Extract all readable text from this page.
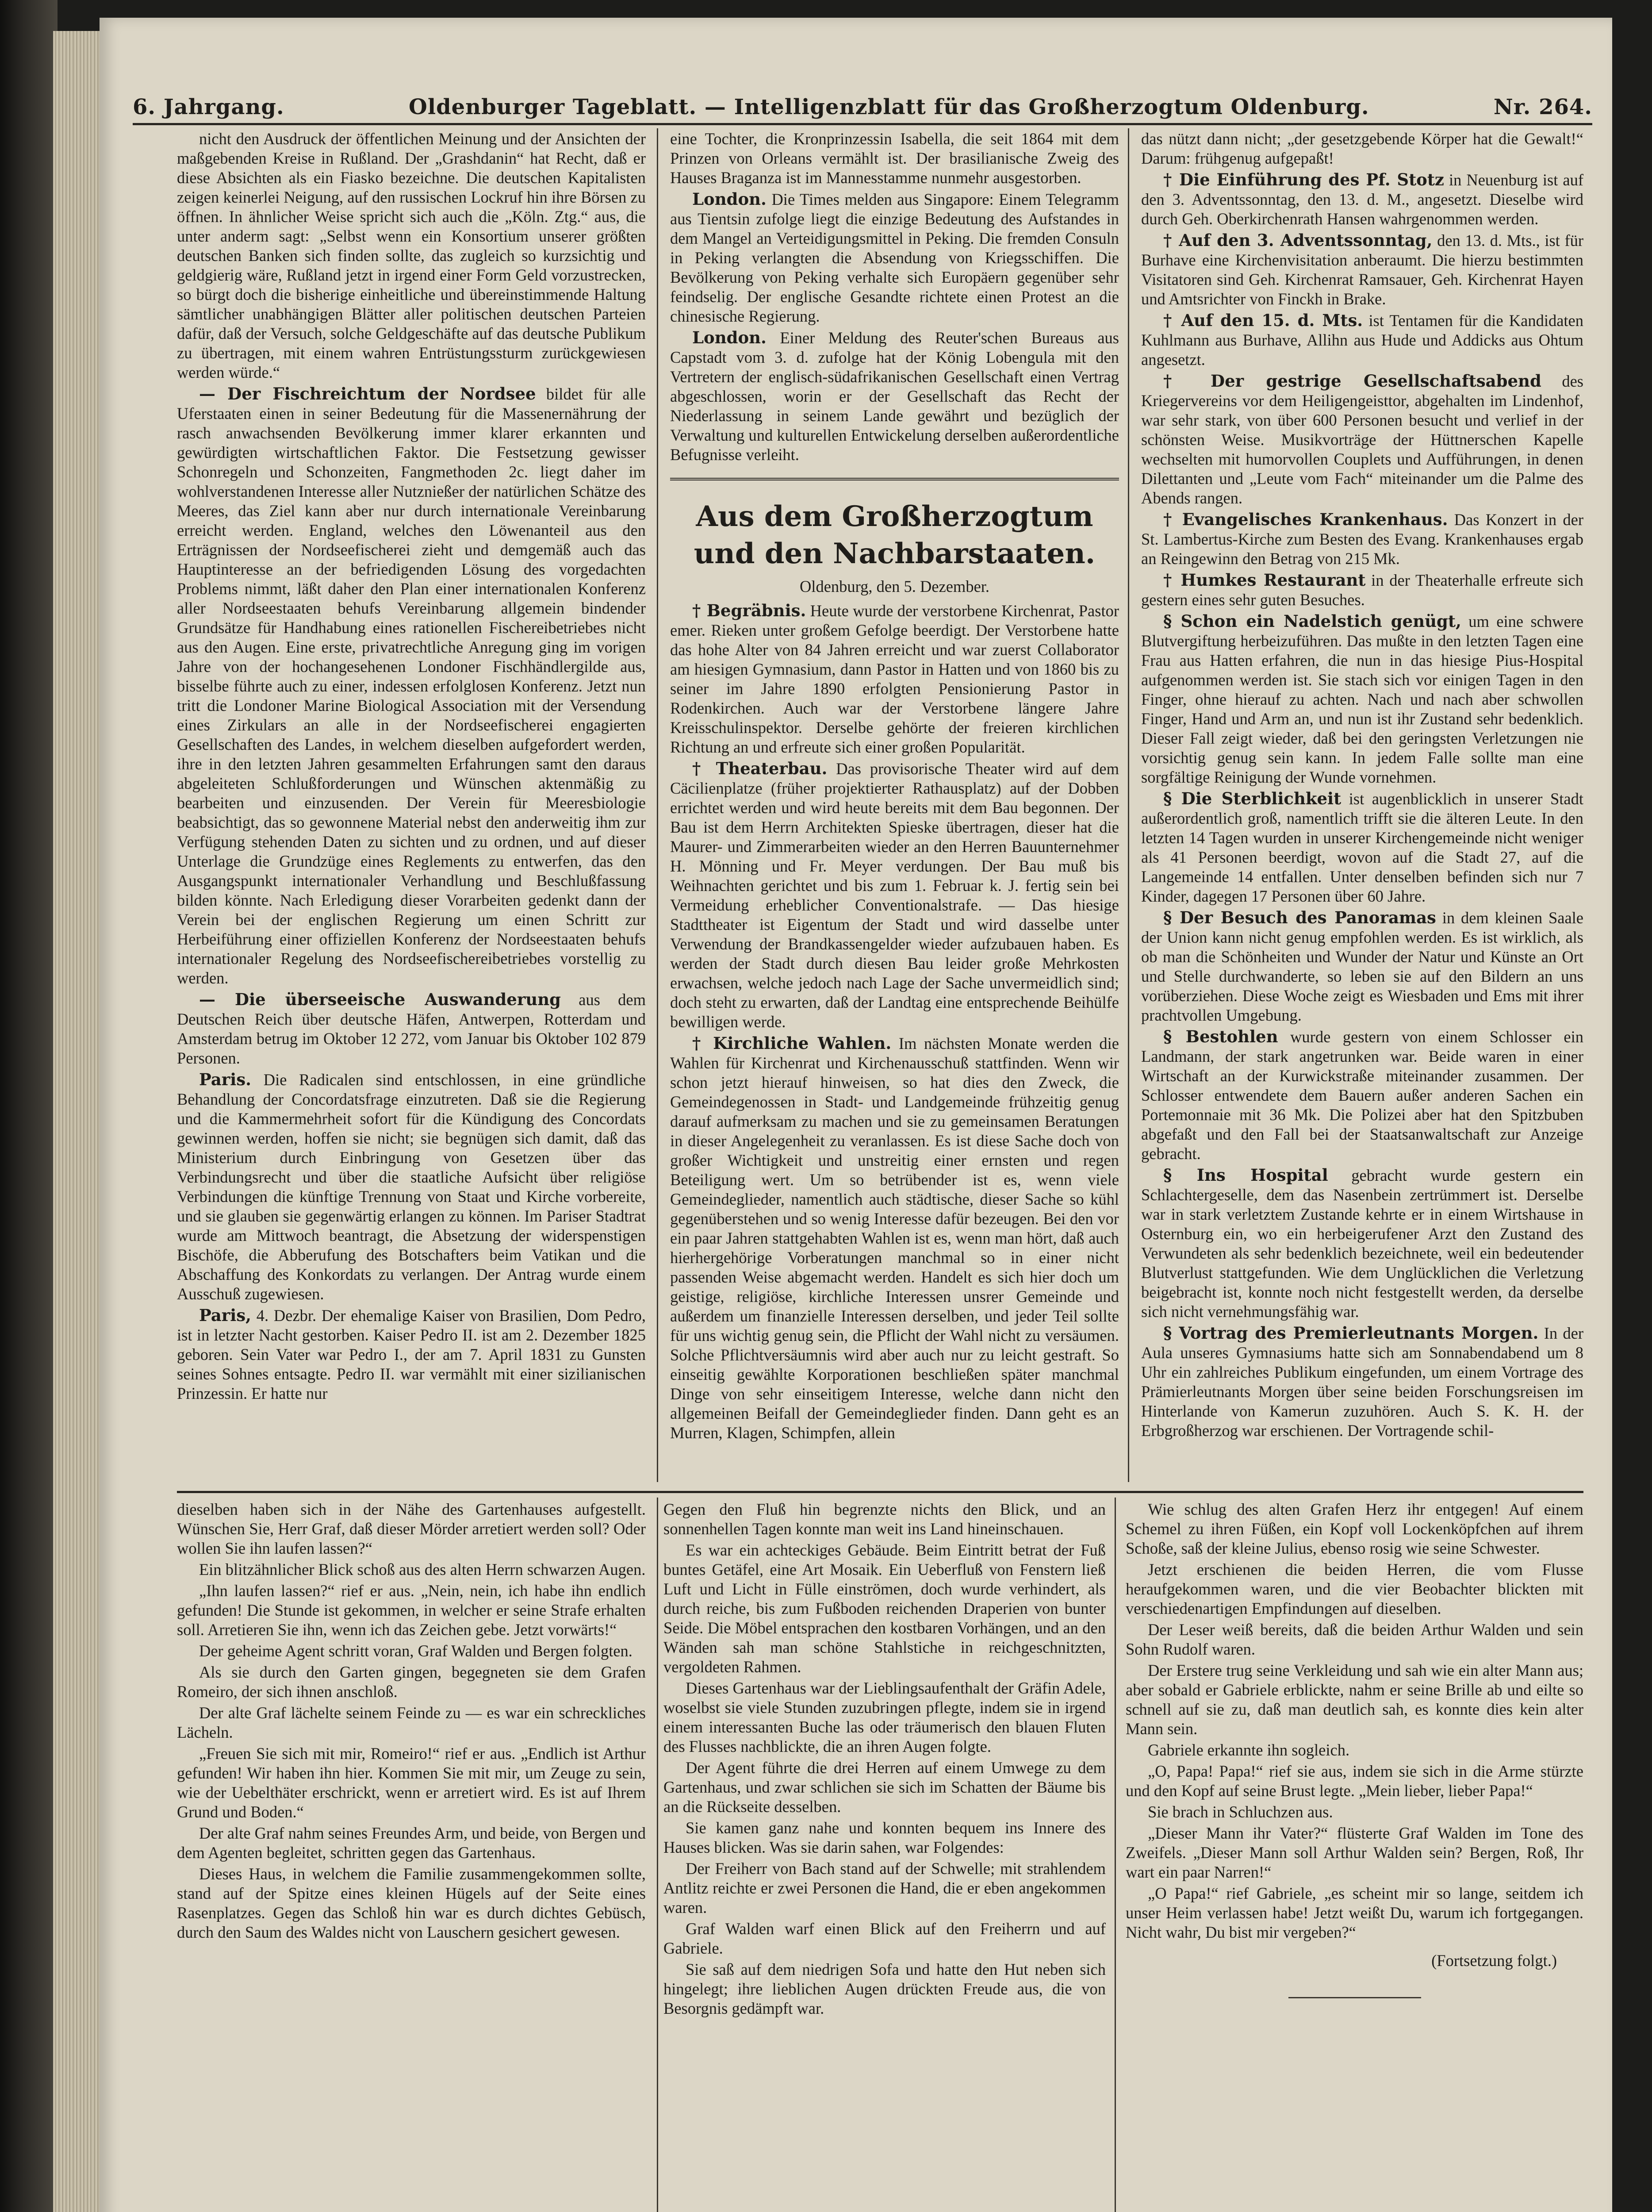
6. Jahrgang.	Oldenburger Tageblatt. — Intelligenzblatt für das Großherzogtum Oldenburg.	Nr. 264.

nicht den Ausdruck der öffentlichen Meinung und der Ansichten der maßgebenden Kreise in Rußland. Der „Grashdanin“ hat Recht, daß er diese Absichten als ein Fiasko bezeichne. Die deutschen Kapitalisten zeigen keinerlei Neigung, auf den russischen Lockruf hin ihre Börsen zu öffnen. In ähnlicher Weise spricht sich auch die „Köln. Ztg.“ aus, die unter anderm sagt: „Selbst wenn ein Konsortium unserer größten deutschen Banken sich finden sollte, das zugleich so kurzsichtig und geldgierig wäre, Rußland jetzt in irgend einer Form Geld vorzustrecken, so bürgt doch die bisherige einheitliche und übereinstimmende Haltung sämtlicher unabhängigen Blätter aller politischen deutschen Parteien dafür, daß der Versuch, solche Geldgeschäfte auf das deutsche Publikum zu übertragen, mit einem wahren Entrüstungssturm zurückgewiesen werden würde.“

— Der Fischreichtum der Nordsee bildet für alle Uferstaaten einen in seiner Bedeutung für die Massenernährung der rasch anwachsenden Bevölkerung immer klarer erkannten und gewürdigten wirtschaftlichen Faktor. Die Festsetzung gewisser Schonregeln und Schonzeiten, Fangmethoden 2c. liegt daher im wohlverstandenen Interesse aller Nutznießer der natürlichen Schätze des Meeres, das Ziel kann aber nur durch internationale Vereinbarung erreicht werden. England, welches den Löwenanteil aus den Erträgnissen der Nordseefischerei zieht und demgemäß auch das Hauptinteresse an der befriedigenden Lösung des vorgedachten Problems nimmt, läßt daher den Plan einer internationalen Konferenz aller Nordseestaaten behufs Vereinbarung allgemein bindender Grundsätze für Handhabung eines rationellen Fischereibetriebes nicht aus den Augen. Eine erste, privatrechtliche Anregung ging im vorigen Jahre von der hochangesehenen Londoner Fischhändlergilde aus, bisselbe führte auch zu einer, indessen erfolglosen Konferenz. Jetzt nun tritt die Londoner Marine Biological Association mit der Versendung eines Zirkulars an alle in der Nordseefischerei engagierten Gesellschaften des Landes, in welchem dieselben aufgefordert werden, ihre in den letzten Jahren gesammelten Erfahrungen samt den daraus abgeleiteten Schlußforderungen und Wünschen aktenmäßig zu bearbeiten und einzusenden. Der Verein für Meeresbiologie beabsichtigt, das so gewonnene Material nebst den anderweitig ihm zur Verfügung stehenden Daten zu sichten und zu ordnen, und auf dieser Unterlage die Grundzüge eines Reglements zu entwerfen, das den Ausgangspunkt internationaler Verhandlung und Beschlußfassung bilden könnte. Nach Erledigung dieser Vorarbeiten gedenkt dann der Verein bei der englischen Regierung um einen Schritt zur Herbeiführung einer offiziellen Konferenz der Nordseestaaten behufs internationaler Regelung des Nordseefischereibetriebes vorstellig zu werden.

— Die überseeische Auswanderung aus dem Deutschen Reich über deutsche Häfen, Antwerpen, Rotterdam und Amsterdam betrug im Oktober 12 272, vom Januar bis Oktober 102 879 Personen.

Paris. Die Radicalen sind entschlossen, in eine gründliche Behandlung der Concordatsfrage einzutreten. Daß sie die Regierung und die Kammermehrheit sofort für die Kündigung des Concordats gewinnen werden, hoffen sie nicht; sie begnügen sich damit, daß das Ministerium durch Einbringung von Gesetzen über das Verbindungsrecht und über die staatliche Aufsicht über religiöse Verbindungen die künftige Trennung von Staat und Kirche vorbereite, und sie glauben sie gegenwärtig erlangen zu können. Im Pariser Stadtrat wurde am Mittwoch beantragt, die Absetzung der widerspenstigen Bischöfe, die Abberufung des Botschafters beim Vatikan und die Abschaffung des Konkordats zu verlangen. Der Antrag wurde einem Ausschuß zugewiesen.

Paris, 4. Dezbr. Der ehemalige Kaiser von Brasilien, Dom Pedro, ist in letzter Nacht gestorben. Kaiser Pedro II. ist am 2. Dezember 1825 geboren. Sein Vater war Pedro I., der am 7. April 1831 zu Gunsten seines Sohnes entsagte. Pedro II. war vermählt mit einer sizilianischen Prinzessin. Er hatte nur

eine Tochter, die Kronprinzessin Isabella, die seit 1864 mit dem Prinzen von Orleans vermählt ist. Der brasilianische Zweig des Hauses Braganza ist im Mannesstamme nunmehr ausgestorben.

London. Die Times melden aus Singapore: Einem Telegramm aus Tientsin zufolge liegt die einzige Bedeutung des Aufstandes in dem Mangel an Verteidigungsmittel in Peking. Die fremden Consuln in Peking verlangten die Absendung von Kriegsschiffen. Die Bevölkerung von Peking verhalte sich Europäern gegenüber sehr feindselig. Der englische Gesandte richtete einen Protest an die chinesische Regierung.

London. Einer Meldung des Reuter'schen Bureaus aus Capstadt vom 3. d. zufolge hat der König Lobengula mit den Vertretern der englisch-südafrikanischen Gesellschaft einen Vertrag abgeschlossen, worin er der Gesellschaft das Recht der Niederlassung in seinem Lande gewährt und bezüglich der Verwaltung und kulturellen Entwickelung derselben außerordentliche Befugnisse verleiht.

Aus dem Großherzogtum und den Nachbarstaaten.
Oldenburg, den 5. Dezember.

† Begräbnis. Heute wurde der verstorbene Kirchenrat, Pastor emer. Rieken unter großem Gefolge beerdigt. Der Verstorbene hatte das hohe Alter von 84 Jahren erreicht und war zuerst Collaborator am hiesigen Gymnasium, dann Pastor in Hatten und von 1860 bis zu seiner im Jahre 1890 erfolgten Pensionierung Pastor in Rodenkirchen. Auch war der Verstorbene längere Jahre Kreisschulinspektor. Derselbe gehörte der freieren kirchlichen Richtung an und erfreute sich einer großen Popularität.

† Theaterbau. Das provisorische Theater wird auf dem Cäcilienplatze (früher projektierter Rathausplatz) auf der Dobben errichtet werden und wird heute bereits mit dem Bau begonnen. Der Bau ist dem Herrn Architekten Spieske übertragen, dieser hat die Maurer- und Zimmerarbeiten wieder an den Herren Bauunternehmer H. Mönning und Fr. Meyer verdungen. Der Bau muß bis Weihnachten gerichtet und bis zum 1. Februar k. J. fertig sein bei Vermeidung erheblicher Conventionalstrafe. — Das hiesige Stadttheater ist Eigentum der Stadt und wird dasselbe unter Verwendung der Brandkassengelder wieder aufzubauen haben. Es werden der Stadt durch diesen Bau leider große Mehrkosten erwachsen, welche jedoch nach Lage der Sache unvermeidlich sind; doch steht zu erwarten, daß der Landtag eine entsprechende Beihülfe bewilligen werde.

† Kirchliche Wahlen. Im nächsten Monate werden die Wahlen für Kirchenrat und Kirchenausschuß stattfinden. Wenn wir schon jetzt hierauf hinweisen, so hat dies den Zweck, die Gemeindegenossen in Stadt- und Landgemeinde frühzeitig genug darauf aufmerksam zu machen und sie zu gemeinsamen Beratungen in dieser Angelegenheit zu veranlassen. Es ist diese Sache doch von großer Wichtigkeit und unstreitig einer ernsten und regen Beteiligung wert. Um so betrübender ist es, wenn viele Gemeindeglieder, namentlich auch städtische, dieser Sache so kühl gegenüberstehen und so wenig Interesse dafür bezeugen. Bei den vor ein paar Jahren stattgehabten Wahlen ist es, wenn man hört, daß auch hierhergehörige Vorberatungen manchmal so in einer nicht passenden Weise abgemacht werden. Handelt es sich hier doch um geistige, religiöse, kirchliche Interessen unsrer Gemeinde und außerdem um finanzielle Interessen derselben, und jeder Teil sollte für uns wichtig genug sein, die Pflicht der Wahl nicht zu versäumen. Solche Pflichtversäumnis wird aber auch nur zu leicht gestraft. So einseitig gewählte Korporationen beschließen später manchmal Dinge von sehr einseitigem Interesse, welche dann nicht den allgemeinen Beifall der Gemeindeglieder finden. Dann geht es an Murren, Klagen, Schimpfen, allein

das nützt dann nicht; „der gesetzgebende Körper hat die Gewalt!“ Darum: frühgenug aufgepaßt!

† Die Einführung des Pf. Stotz in Neuenburg ist auf den 3. Adventssonntag, den 13. d. M., angesetzt. Dieselbe wird durch Geh. Oberkirchenrath Hansen wahrgenommen werden.

† Auf den 3. Adventssonntag, den 13. d. Mts., ist für Burhave eine Kirchenvisitation anberaumt. Die hierzu bestimmten Visitatoren sind Geh. Kirchenrat Ramsauer, Geh. Kirchenrat Hayen und Amtsrichter von Finckh in Brake.

† Auf den 15. d. Mts. ist Tentamen für die Kandidaten Kuhlmann aus Burhave, Allihn aus Hude und Addicks aus Ohtum angesetzt.

† Der gestrige Gesellschaftsabend des Kriegervereins vor dem Heiligengeisttor, abgehalten im Lindenhof, war sehr stark, von über 600 Personen besucht und verlief in der schönsten Weise. Musikvorträge der Hüttnerschen Kapelle wechselten mit humorvollen Couplets und Aufführungen, in denen Dilettanten und „Leute vom Fach“ miteinander um die Palme des Abends rangen.

† Evangelisches Krankenhaus. Das Konzert in der St. Lambertus-Kirche zum Besten des Evang. Krankenhauses ergab an Reingewinn den Betrag von 215 Mk.

† Humkes Restaurant in der Theaterhalle erfreute sich gestern eines sehr guten Besuches.

§ Schon ein Nadelstich genügt, um eine schwere Blutvergiftung herbeizuführen. Das mußte in den letzten Tagen eine Frau aus Hatten erfahren, die nun in das hiesige Pius-Hospital aufgenommen werden ist. Sie stach sich vor einigen Tagen in den Finger, ohne hierauf zu achten. Nach und nach aber schwollen Finger, Hand und Arm an, und nun ist ihr Zustand sehr bedenklich. Dieser Fall zeigt wieder, daß bei den geringsten Verletzungen nie vorsichtig genug sein kann. In jedem Falle sollte man eine sorgfältige Reinigung der Wunde vornehmen.

§ Die Sterblichkeit ist augenblicklich in unserer Stadt außerordentlich groß, namentlich trifft sie die älteren Leute. In den letzten 14 Tagen wurden in unserer Kirchengemeinde nicht weniger als 41 Personen beerdigt, wovon auf die Stadt 27, auf die Langemeinde 14 entfallen. Unter denselben befinden sich nur 7 Kinder, dagegen 17 Personen über 60 Jahre.

§ Der Besuch des Panoramas in dem kleinen Saale der Union kann nicht genug empfohlen werden. Es ist wirklich, als ob man die Schönheiten und Wunder der Natur und Künste an Ort und Stelle durchwanderte, so leben sie auf den Bildern an uns vorüberziehen. Diese Woche zeigt es Wiesbaden und Ems mit ihrer prachtvollen Umgebung.

§ Bestohlen wurde gestern von einem Schlosser ein Landmann, der stark angetrunken war. Beide waren in einer Wirtschaft an der Kurwickstraße miteinander zusammen. Der Schlosser entwendete dem Bauern außer anderen Sachen ein Portemonnaie mit 36 Mk. Die Polizei aber hat den Spitzbuben abgefaßt und den Fall bei der Staatsanwaltschaft zur Anzeige gebracht.

§ Ins Hospital gebracht wurde gestern ein Schlachtergeselle, dem das Nasenbein zertrümmert ist. Derselbe war in stark verletztem Zustande kehrte er in einem Wirtshause in Osternburg ein, wo ein herbeigerufener Arzt den Zustand des Verwundeten als sehr bedenklich bezeichnete, weil ein bedeutender Blutverlust stattgefunden. Wie dem Unglücklichen die Verletzung beigebracht ist, konnte noch nicht festgestellt werden, da derselbe sich nicht vernehmungsfähig war.

§ Vortrag des Premierleutnants Morgen. In der Aula unseres Gymnasiums hatte sich am Sonnabendabend um 8 Uhr ein zahlreiches Publikum eingefunden, um einem Vortrage des Prämierleutnants Morgen über seine beiden Forschungsreisen im Hinterlande von Kamerun zuzuhören. Auch S. K. H. der Erbgroßherzog war erschienen. Der Vortragende schil-

dieselben haben sich in der Nähe des Gartenhauses aufgestellt. Wünschen Sie, Herr Graf, daß dieser Mörder arretiert werden soll? Oder wollen Sie ihn laufen lassen?“

Ein blitzähnlicher Blick schoß aus des alten Herrn schwarzen Augen.

„Ihn laufen lassen?“ rief er aus. „Nein, nein, ich habe ihn endlich gefunden! Die Stunde ist gekommen, in welcher er seine Strafe erhalten soll. Arretieren Sie ihn, wenn ich das Zeichen gebe. Jetzt vorwärts!“

Der geheime Agent schritt voran, Graf Walden und Bergen folgten.

Als sie durch den Garten gingen, begegneten sie dem Grafen Romeiro, der sich ihnen anschloß.

Der alte Graf lächelte seinem Feinde zu — es war ein schreckliches Lächeln.

„Freuen Sie sich mit mir, Romeiro!“ rief er aus. „Endlich ist Arthur gefunden! Wir haben ihn hier. Kommen Sie mit mir, um Zeuge zu sein, wie der Uebelthäter erschrickt, wenn er arretiert wird. Es ist auf Ihrem Grund und Boden.“

Der alte Graf nahm seines Freundes Arm, und beide, von Bergen und dem Agenten begleitet, schritten gegen das Gartenhaus.

Dieses Haus, in welchem die Familie zusammengekommen sollte, stand auf der Spitze eines kleinen Hügels auf der Seite eines Rasenplatzes. Gegen das Schloß hin war es durch dichtes Gebüsch, durch den Saum des Waldes nicht von Lauschern gesichert gewesen.

Gegen den Fluß hin begrenzte nichts den Blick, und an sonnenhellen Tagen konnte man weit ins Land hineinschauen.

Es war ein achteckiges Gebäude. Beim Eintritt betrat der Fuß buntes Getäfel, eine Art Mosaik. Ein Ueberfluß von Fenstern ließ Luft und Licht in Fülle einströmen, doch wurde verhindert, als durch reiche, bis zum Fußboden reichenden Draperien von bunter Seide. Die Möbel entsprachen den kostbaren Vorhängen, und an den Wänden sah man schöne Stahlstiche in reichgeschnitzten, vergoldeten Rahmen.

Dieses Gartenhaus war der Lieblingsaufenthalt der Gräfin Adele, woselbst sie viele Stunden zuzubringen pflegte, indem sie in irgend einem interessanten Buche las oder träumerisch den blauen Fluten des Flusses nachblickte, die an ihren Augen folgte.

Der Agent führte die drei Herren auf einem Umwege zu dem Gartenhaus, und zwar schlichen sie sich im Schatten der Bäume bis an die Rückseite desselben.

Sie kamen ganz nahe und konnten bequem ins Innere des Hauses blicken. Was sie darin sahen, war Folgendes:

Der Freiherr von Bach stand auf der Schwelle; mit strahlendem Antlitz reichte er zwei Personen die Hand, die er eben angekommen waren.

Graf Walden warf einen Blick auf den Freiherrn und auf Gabriele.

Sie saß auf dem niedrigen Sofa und hatte den Hut neben sich hingelegt; ihre lieblichen Augen drückten Freude aus, die von Besorgnis gedämpft war.

Wie schlug des alten Grafen Herz ihr entgegen! Auf einem Schemel zu ihren Füßen, ein Kopf voll Lockenköpfchen auf ihrem Schoße, saß der kleine Julius, ebenso rosig wie seine Schwester.

Jetzt erschienen die beiden Herren, die vom Flusse heraufgekommen waren, und die vier Beobachter blickten mit verschiedenartigen Empfindungen auf dieselben.

Der Leser weiß bereits, daß die beiden Arthur Walden und sein Sohn Rudolf waren.

Der Erstere trug seine Verkleidung und sah wie ein alter Mann aus; aber sobald er Gabriele erblickte, nahm er seine Brille ab und eilte so schnell auf sie zu, daß man deutlich sah, es konnte dies kein alter Mann sein.

Gabriele erkannte ihn sogleich.

„O, Papa! Papa!“ rief sie aus, indem sie sich in die Arme stürzte und den Kopf auf seine Brust legte. „Mein lieber, lieber Papa!“

Sie brach in Schluchzen aus.

„Dieser Mann ihr Vater?“ flüsterte Graf Walden im Tone des Zweifels. „Dieser Mann soll Arthur Walden sein? Bergen, Roß, Ihr wart ein paar Narren!“

„O Papa!“ rief Gabriele, „es scheint mir so lange, seitdem ich unser Heim verlassen habe! Jetzt weißt Du, warum ich fortgegangen. Nicht wahr, Du bist mir vergeben?“

(Fortsetzung folgt.)
